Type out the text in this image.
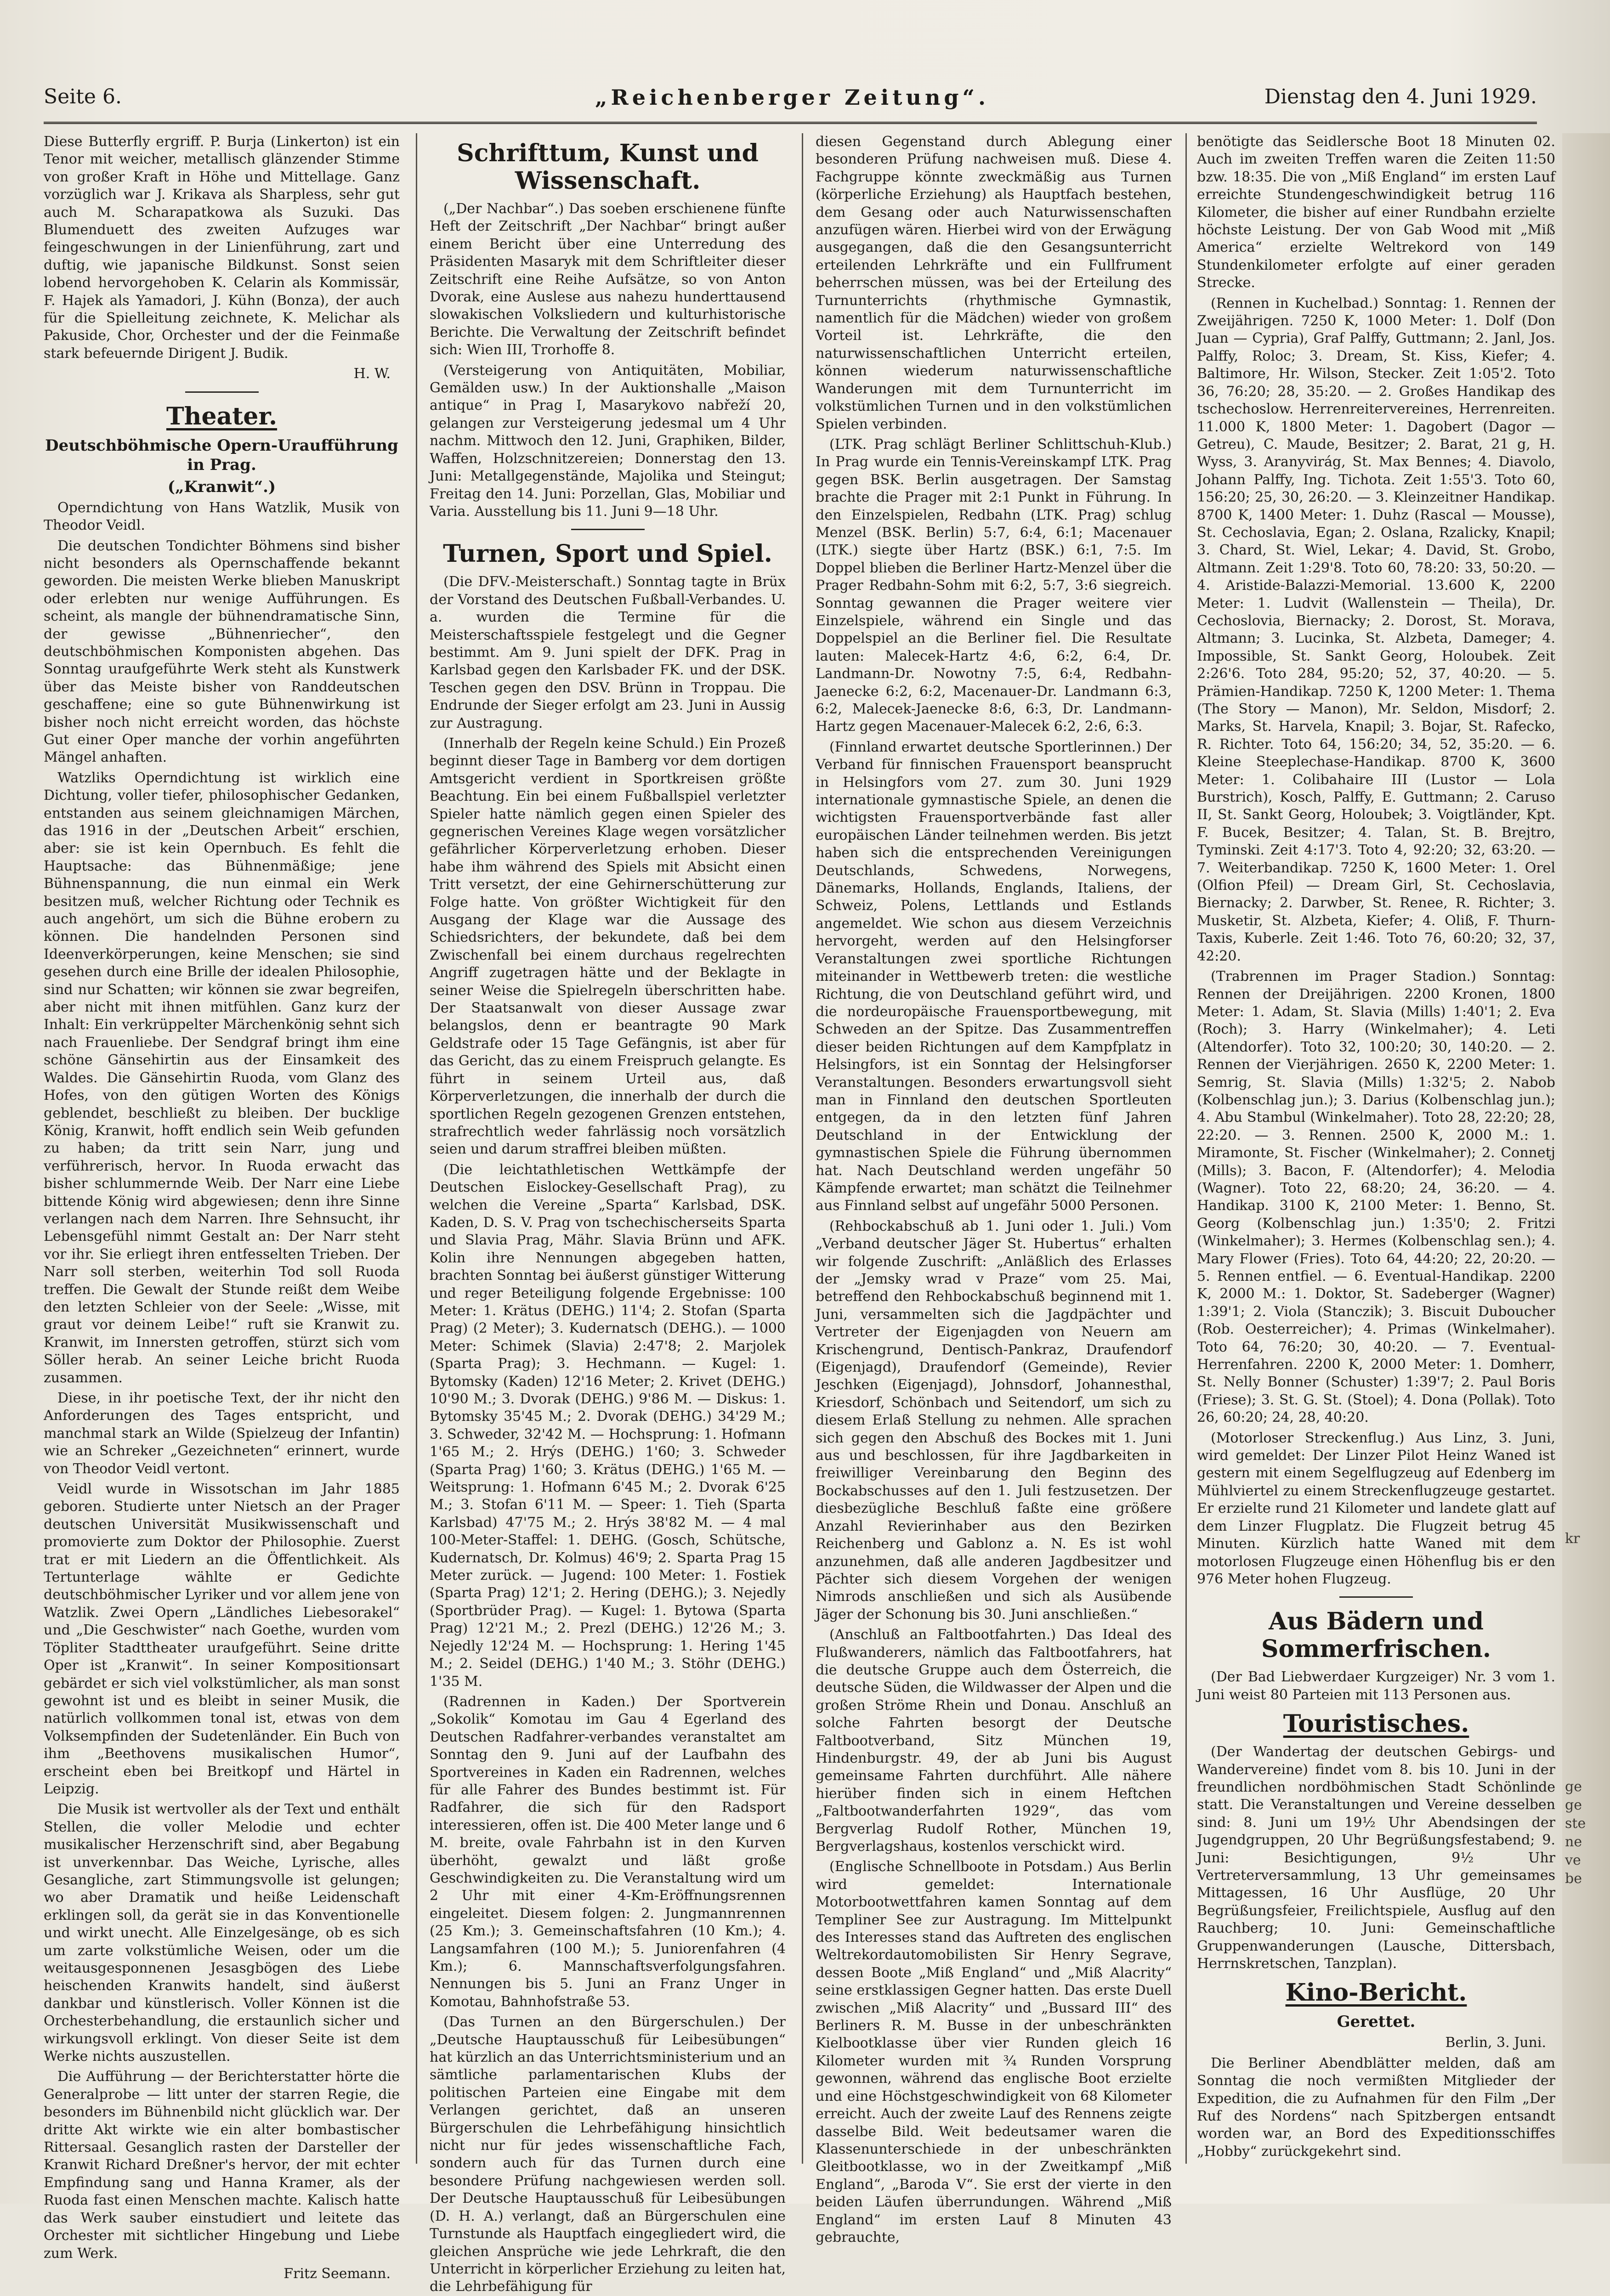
Seite 6.	„Reichenberger Zeitung“.	Dienstag den 4. Juni 1929.

Diese Butterfly ergriff. P. Burja (Linkerton) ist ein Tenor mit weicher, metallisch glänzender Stimme von großer Kraft in Höhe und Mittellage. Ganz vorzüglich war J. Krikava als Sharpless, sehr gut auch M. Scharapatkowa als Suzuki. Das Blumenduett des zweiten Aufzuges war feingeschwungen in der Linienführung, zart und duftig, wie japanische Bildkunst. Sonst seien lobend hervorgehoben K. Celarin als Kommissär, F. Hajek als Yamadori, J. Kühn (Bonza), der auch für die Spielleitung zeichnete, K. Melichar als Pakuside, Chor, Orchester und der die Feinmaße stark befeuernde Dirigent J. Budik.

H. W.
Theater.
Deutschböhmische Opern-Uraufführung in Prag.
(„Kranwit“.)

Operndichtung von Hans Watzlik, Musik von Theodor Veidl.

Die deutschen Tondichter Böhmens sind bisher nicht besonders als Opernschaffende bekannt geworden. Die meisten Werke blieben Manuskript oder erlebten nur wenige Aufführungen. Es scheint, als mangle der bühnendramatische Sinn, der gewisse „Bühnenriecher“, den deutschböhmischen Komponisten abgehen. Das Sonntag uraufgeführte Werk steht als Kunstwerk über das Meiste bisher von Randdeutschen geschaffene; eine so gute Bühnenwirkung ist bisher noch nicht erreicht worden, das höchste Gut einer Oper manche der vorhin angeführten Mängel anhaften.

Watzliks Operndichtung ist wirklich eine Dichtung, voller tiefer, philosophischer Gedanken, entstanden aus seinem gleichnamigen Märchen, das 1916 in der „Deutschen Arbeit“ erschien, aber: sie ist kein Opernbuch. Es fehlt die Hauptsache: das Bühnenmäßige; jene Bühnenspannung, die nun einmal ein Werk besitzen muß, welcher Richtung oder Technik es auch angehört, um sich die Bühne erobern zu können. Die handelnden Personen sind Ideenverkörperungen, keine Menschen; sie sind gesehen durch eine Brille der idealen Philosophie, sind nur Schatten; wir können sie zwar begreifen, aber nicht mit ihnen mitfühlen. Ganz kurz der Inhalt: Ein verkrüppelter Märchenkönig sehnt sich nach Frauenliebe. Der Sendgraf bringt ihm eine schöne Gänsehirtin aus der Einsamkeit des Waldes. Die Gänsehirtin Ruoda, vom Glanz des Hofes, von den gütigen Worten des Königs geblendet, beschließt zu bleiben. Der bucklige König, Kranwit, hofft endlich sein Weib gefunden zu haben; da tritt sein Narr, jung und verführerisch, hervor. In Ruoda erwacht das bisher schlummernde Weib. Der Narr eine Liebe bittende König wird abgewiesen; denn ihre Sinne verlangen nach dem Narren. Ihre Sehnsucht, ihr Lebensgefühl nimmt Gestalt an: Der Narr steht vor ihr. Sie erliegt ihren entfesselten Trieben. Der Narr soll sterben, weiterhin Tod soll Ruoda treffen. Die Gewalt der Stunde reißt dem Weibe den letzten Schleier von der Seele: „Wisse, mit graut vor deinem Leibe!“ ruft sie Kranwit zu. Kranwit, im Innersten getroffen, stürzt sich vom Söller herab. An seiner Leiche bricht Ruoda zusammen.

Diese, in ihr poetische Text, der ihr nicht den Anforderungen des Tages entspricht, und manchmal stark an Wilde (Spielzeug der Infantin) wie an Schreker „Gezeichneten“ erinnert, wurde von Theodor Veidl vertont.

Veidl wurde in Wissotschan im Jahr 1885 geboren. Studierte unter Nietsch an der Prager deutschen Universität Musikwissenschaft und promovierte zum Doktor der Philosophie. Zuerst trat er mit Liedern an die Öffentlichkeit. Als Tertunterlage wählte er Gedichte deutschböhmischer Lyriker und vor allem jene von Watzlik. Zwei Opern „Ländliches Liebesorakel“ und „Die Geschwister“ nach Goethe, wurden vom Töpliter Stadttheater uraufgeführt. Seine dritte Oper ist „Kranwit“. In seiner Kompositionsart gebärdet er sich viel volkstümlicher, als man sonst gewohnt ist und es bleibt in seiner Musik, die natürlich vollkommen tonal ist, etwas von dem Volksempfinden der Sudetenländer. Ein Buch von ihm „Beethovens musikalischen Humor“, erscheint eben bei Breitkopf und Härtel in Leipzig.

Die Musik ist wertvoller als der Text und enthält Stellen, die voller Melodie und echter musikalischer Herzenschrift sind, aber Begabung ist unverkennbar. Das Weiche, Lyrische, alles Gesangliche, zart Stimmungsvolle ist gelungen; wo aber Dramatik und heiße Leidenschaft erklingen soll, da gerät sie in das Konventionelle und wirkt unecht. Alle Einzelgesänge, ob es sich um zarte volkstümliche Weisen, oder um die weitausgesponnenen Jesasgbögen des Liebe heischenden Kranwits handelt, sind äußerst dankbar und künstlerisch. Voller Können ist die Orchesterbehandlung, die erstaunlich sicher und wirkungsvoll erklingt. Von dieser Seite ist dem Werke nichts auszustellen.

Die Aufführung — der Berichterstatter hörte die Generalprobe — litt unter der starren Regie, die besonders im Bühnenbild nicht glücklich war. Der dritte Akt wirkte wie ein alter bombastischer Rittersaal. Gesanglich rasten der Darsteller der Kranwit Richard Dreßner's hervor, der mit echter Empfindung sang und Hanna Kramer, als der Ruoda fast einen Menschen machte. Kalisch hatte das Werk sauber einstudiert und leitete das Orchester mit sichtlicher Hingebung und Liebe zum Werk.

Fritz Seemann.
Schrifttum, Kunst und Wissenschaft.

(„Der Nachbar“.) Das soeben erschienene fünfte Heft der Zeitschrift „Der Nachbar“ bringt außer einem Bericht über eine Unterredung des Präsidenten Masaryk mit dem Schriftleiter dieser Zeitschrift eine Reihe Aufsätze, so von Anton Dvorak, eine Auslese aus nahezu hunderttausend slowakischen Volksliedern und kulturhistorische Berichte. Die Verwaltung der Zeitschrift befindet sich: Wien III, Trorhoffe 8.

(Versteigerung von Antiquitäten, Mobiliar, Gemälden usw.) In der Auktionshalle „Maison antique“ in Prag I, Masarykovo nabřeží 20, gelangen zur Versteigerung jedesmal um 4 Uhr nachm. Mittwoch den 12. Juni, Graphiken, Bilder, Waffen, Holzschnitzereien; Donnerstag den 13. Juni: Metallgegenstände, Majolika und Steingut; Freitag den 14. Juni: Porzellan, Glas, Mobiliar und Varia. Ausstellung bis 11. Juni 9—18 Uhr.

Turnen, Sport und Spiel.

(Die DFV.-Meisterschaft.) Sonntag tagte in Brüx der Vorstand des Deutschen Fußball-Verbandes. U. a. wurden die Termine für die Meisterschaftsspiele festgelegt und die Gegner bestimmt. Am 9. Juni spielt der DFK. Prag in Karlsbad gegen den Karlsbader FK. und der DSK. Teschen gegen den DSV. Brünn in Troppau. Die Endrunde der Sieger erfolgt am 23. Juni in Aussig zur Austragung.

(Innerhalb der Regeln keine Schuld.) Ein Prozeß beginnt dieser Tage in Bamberg vor dem dortigen Amtsgericht verdient in Sportkreisen größte Beachtung. Ein bei einem Fußballspiel verletzter Spieler hatte nämlich gegen einen Spieler des gegnerischen Vereines Klage wegen vorsätzlicher gefährlicher Körperverletzung erhoben. Dieser habe ihm während des Spiels mit Absicht einen Tritt versetzt, der eine Gehirnerschütterung zur Folge hatte. Von größter Wichtigkeit für den Ausgang der Klage war die Aussage des Schiedsrichters, der bekundete, daß bei dem Zwischenfall bei einem durchaus regelrechten Angriff zugetragen hätte und der Beklagte in seiner Weise die Spielregeln überschritten habe. Der Staatsanwalt von dieser Aussage zwar belangslos, denn er beantragte 90 Mark Geldstrafe oder 15 Tage Gefängnis, ist aber für das Gericht, das zu einem Freispruch gelangte. Es führt in seinem Urteil aus, daß Körperverletzungen, die innerhalb der durch die sportlichen Regeln gezogenen Grenzen entstehen, strafrechtlich weder fahrlässig noch vorsätzlich seien und darum straffrei bleiben müßten.

(Die leichtathletischen Wettkämpfe der Deutschen Eislockey-Gesellschaft Prag), zu welchen die Vereine „Sparta“ Karlsbad, DSK. Kaden, D. S. V. Prag von tschechischerseits Sparta und Slavia Prag, Mähr. Slavia Brünn und AFK. Kolin ihre Nennungen abgegeben hatten, brachten Sonntag bei äußerst günstiger Witterung und reger Beteiligung folgende Ergebnisse: 100 Meter: 1. Krätus (DEHG.) 11'4; 2. Stofan (Sparta Prag) (2 Meter); 3. Kudernatsch (DEHG.). — 1000 Meter: Schimek (Slavia) 2:47'8; 2. Marjolek (Sparta Prag); 3. Hechmann. — Kugel: 1. Bytomsky (Kaden) 12'16 Meter; 2. Krivet (DEHG.) 10'90 M.; 3. Dvorak (DEHG.) 9'86 M. — Diskus: 1. Bytomsky 35'45 M.; 2. Dvorak (DEHG.) 34'29 M.; 3. Schweder, 32'42 M. — Hochsprung: 1. Hofmann 1'65 M.; 2. Hrýs (DEHG.) 1'60; 3. Schweder (Sparta Prag) 1'60; 3. Krätus (DEHG.) 1'65 M. — Weitsprung: 1. Hofmann 6'45 M.; 2. Dvorak 6'25 M.; 3. Stofan 6'11 M. — Speer: 1. Tieh (Sparta Karlsbad) 47'75 M.; 2. Hrýs 38'82 M. — 4 mal 100-Meter-Staffel: 1. DEHG. (Gosch, Schütsche, Kudernatsch, Dr. Kolmus) 46'9; 2. Sparta Prag 15 Meter zurück. — Jugend: 100 Meter: 1. Fostiek (Sparta Prag) 12'1; 2. Hering (DEHG.); 3. Nejedly (Sportbrüder Prag). — Kugel: 1. Bytowa (Sparta Prag) 12'21 M.; 2. Prezl (DEHG.) 12'26 M.; 3. Nejedly 12'24 M. — Hochsprung: 1. Hering 1'45 M.; 2. Seidel (DEHG.) 1'40 M.; 3. Stöhr (DEHG.) 1'35 M.

(Radrennen in Kaden.) Der Sportverein „Sokolik“ Komotau im Gau 4 Egerland des Deutschen Radfahrer-verbandes veranstaltet am Sonntag den 9. Juni auf der Laufbahn des Sportvereines in Kaden ein Radrennen, welches für alle Fahrer des Bundes bestimmt ist. Für Radfahrer, die sich für den Radsport interessieren, offen ist. Die 400 Meter lange und 6 M. breite, ovale Fahrbahn ist in den Kurven überhöht, gewalzt und läßt große Geschwindigkeiten zu. Die Veranstaltung wird um 2 Uhr mit einer 4-Km-Eröffnungsrennen eingeleitet. Diesem folgen: 2. Jungmannrennen (25 Km.); 3. Gemeinschaftsfahren (10 Km.); 4. Langsamfahren (100 M.); 5. Juniorenfahren (4 Km.); 6. Mannschaftsverfolgungsfahren. Nennungen bis 5. Juni an Franz Unger in Komotau, Bahnhofstraße 53.

(Das Turnen an den Bürgerschulen.) Der „Deutsche Hauptausschuß für Leibesübungen“ hat kürzlich an das Unterrichtsministerium und an sämtliche parlamentarischen Klubs der politischen Parteien eine Eingabe mit dem Verlangen gerichtet, daß an unseren Bürgerschulen die Lehrbefähigung hinsichtlich nicht nur für jedes wissenschaftliche Fach, sondern auch für das Turnen durch eine besondere Prüfung nachgewiesen werden soll. Der Deutsche Hauptausschuß für Leibesübungen (D. H. A.) verlangt, daß an Bürgerschulen eine Turnstunde als Hauptfach eingegliedert wird, die gleichen Ansprüche wie jede Lehrkraft, die den Unterricht in körperlicher Erziehung zu leiten hat, die Lehrbefähigung für

diesen Gegenstand durch Ablegung einer besonderen Prüfung nachweisen muß. Diese 4. Fachgruppe könnte zweckmäßig aus Turnen (körperliche Erziehung) als Hauptfach bestehen, dem Gesang oder auch Naturwissenschaften anzufügen wären. Hierbei wird von der Erwägung ausgegangen, daß die den Gesangsunterricht erteilenden Lehrkräfte und ein Fullfrument beherrschen müssen, was bei der Erteilung des Turnunterrichts (rhythmische Gymnastik, namentlich für die Mädchen) wieder von großem Vorteil ist. Lehrkräfte, die den naturwissenschaftlichen Unterricht erteilen, können wiederum naturwissenschaftliche Wanderungen mit dem Turnunterricht im volkstümlichen Turnen und in den volkstümlichen Spielen verbinden.

(LTK. Prag schlägt Berliner Schlittschuh-Klub.) In Prag wurde ein Tennis-Vereinskampf LTK. Prag gegen BSK. Berlin ausgetragen. Der Samstag brachte die Prager mit 2:1 Punkt in Führung. In den Einzelspielen, Redbahn (LTK. Prag) schlug Menzel (BSK. Berlin) 5:7, 6:4, 6:1; Macenauer (LTK.) siegte über Hartz (BSK.) 6:1, 7:5. Im Doppel blieben die Berliner Hartz-Menzel über die Prager Redbahn-Sohm mit 6:2, 5:7, 3:6 siegreich. Sonntag gewannen die Prager weitere vier Einzelspiele, während ein Single und das Doppelspiel an die Berliner fiel. Die Resultate lauten: Malecek-Hartz 4:6, 6:2, 6:4, Dr. Landmann-Dr. Nowotny 7:5, 6:4, Redbahn-Jaenecke 6:2, 6:2, Macenauer-Dr. Landmann 6:3, 6:2, Malecek-Jaenecke 8:6, 6:3, Dr. Landmann-Hartz gegen Macenauer-Malecek 6:2, 2:6, 6:3.

(Finnland erwartet deutsche Sportlerinnen.) Der Verband für finnischen Frauensport beansprucht in Helsingfors vom 27. zum 30. Juni 1929 internationale gymnastische Spiele, an denen die wichtigsten Frauensportverbände fast aller europäischen Länder teilnehmen werden. Bis jetzt haben sich die entsprechenden Vereinigungen Deutschlands, Schwedens, Norwegens, Dänemarks, Hollands, Englands, Italiens, der Schweiz, Polens, Lettlands und Estlands angemeldet. Wie schon aus diesem Verzeichnis hervorgeht, werden auf den Helsingforser Veranstaltungen zwei sportliche Richtungen miteinander in Wettbewerb treten: die westliche Richtung, die von Deutschland geführt wird, und die nordeuropäische Frauensportbewegung, mit Schweden an der Spitze. Das Zusammentreffen dieser beiden Richtungen auf dem Kampfplatz in Helsingfors, ist ein Sonntag der Helsingforser Veranstaltungen. Besonders erwartungsvoll sieht man in Finnland den deutschen Sportleuten entgegen, da in den letzten fünf Jahren Deutschland in der Entwicklung der gymnastischen Spiele die Führung übernommen hat. Nach Deutschland werden ungefähr 50 Kämpfende erwartet; man schätzt die Teilnehmer aus Finnland selbst auf ungefähr 5000 Personen.

(Rehbockabschuß ab 1. Juni oder 1. Juli.) Vom „Verband deutscher Jäger St. Hubertus“ erhalten wir folgende Zuschrift: „Anläßlich des Erlasses der „Jemsky wrad v Praze“ vom 25. Mai, betreffend den Rehbockabschuß beginnend mit 1. Juni, versammelten sich die Jagdpächter und Vertreter der Eigenjagden von Neuern am Krischengrund, Dentisch-Pankraz, Draufendorf (Eigenjagd), Draufendorf (Gemeinde), Revier Jeschken (Eigenjagd), Johnsdorf, Johannesthal, Kriesdorf, Schönbach und Seitendorf, um sich zu diesem Erlaß Stellung zu nehmen. Alle sprachen sich gegen den Abschuß des Bockes mit 1. Juni aus und beschlossen, für ihre Jagdbarkeiten in freiwilliger Vereinbarung den Beginn des Bockabschusses auf den 1. Juli festzusetzen. Der diesbezügliche Beschluß faßte eine größere Anzahl Revierinhaber aus den Bezirken Reichenberg und Gablonz a. N. Es ist wohl anzunehmen, daß alle anderen Jagdbesitzer und Pächter sich diesem Vorgehen der wenigen Nimrods anschließen und sich als Ausübende Jäger der Schonung bis 30. Juni anschließen.“

(Anschluß an Faltbootfahrten.) Das Ideal des Flußwanderers, nämlich das Faltbootfahrers, hat die deutsche Gruppe auch dem Österreich, die deutsche Süden, die Wildwasser der Alpen und die großen Ströme Rhein und Donau. Anschluß an solche Fahrten besorgt der Deutsche Faltbootverband, Sitz München 19, Hindenburgstr. 49, der ab Juni bis August gemeinsame Fahrten durchführt. Alle nähere hierüber finden sich in einem Heftchen „Faltbootwanderfahrten 1929“, das vom Bergverlag Rudolf Rother, München 19, Bergverlagshaus, kostenlos verschickt wird.

(Englische Schnellboote in Potsdam.) Aus Berlin wird gemeldet: Internationale Motorbootwettfahren kamen Sonntag auf dem Templiner See zur Austragung. Im Mittelpunkt des Interesses stand das Auftreten des englischen Weltrekordautomobilisten Sir Henry Segrave, dessen Boote „Miß England“ und „Miß Alacrity“ seine erstklassigen Gegner hatten. Das erste Duell zwischen „Miß Alacrity“ und „Bussard III“ des Berliners R. M. Busse in der unbeschränkten Kielbootklasse über vier Runden gleich 16 Kilometer wurden mit ¾ Runden Vorsprung gewonnen, während das englische Boot erzielte und eine Höchstgeschwindigkeit von 68 Kilometer erreicht. Auch der zweite Lauf des Rennens zeigte dasselbe Bild. Weit bedeutsamer waren die Klassenunterschiede in der unbeschränkten Gleitbootklasse, wo in der Zweitkampf „Miß England“, „Baroda V“. Sie erst der vierte in den beiden Läufen überrundungen. Während „Miß England“ im ersten Lauf 8 Minuten 43 gebrauchte,

benötigte das Seidlersche Boot 18 Minuten 02. Auch im zweiten Treffen waren die Zeiten 11:50 bzw. 18:35. Die von „Miß England“ im ersten Lauf erreichte Stundengeschwindigkeit betrug 116 Kilometer, die bisher auf einer Rundbahn erzielte höchste Leistung. Der von Gab Wood mit „Miß America“ erzielte Weltrekord von 149 Stundenkilometer erfolgte auf einer geraden Strecke.

(Rennen in Kuchelbad.) Sonntag: 1. Rennen der Zweijährigen. 7250 K, 1000 Meter: 1. Dolf (Don Juan — Cypria), Graf Palffy, Guttmann; 2. Janl, Jos. Palffy, Roloc; 3. Dream, St. Kiss, Kiefer; 4. Baltimore, Hr. Wilson, Stecker. Zeit 1:05'2. Toto 36, 76:20; 28, 35:20. — 2. Großes Handikap des tschechoslow. Herrenreitervereines, Herrenreiten. 11.000 K, 1800 Meter: 1. Dagobert (Dagor — Getreu), C. Maude, Besitzer; 2. Barat, 21 g, H. Wyss, 3. Aranyvirág, St. Max Bennes; 4. Diavolo, Johann Palffy, Ing. Tichota. Zeit 1:55'3. Toto 60, 156:20; 25, 30, 26:20. — 3. Kleinzeitner Handikap. 8700 K, 1400 Meter: 1. Duhz (Rascal — Mousse), St. Cechoslavia, Egan; 2. Oslana, Rzalicky, Knapil; 3. Chard, St. Wiel, Lekar; 4. David, St. Grobo, Altmann. Zeit 1:29'8. Toto 60, 78:20: 33, 50:20. — 4. Aristide-Balazzi-Memorial. 13.600 K, 2200 Meter: 1. Ludvit (Wallenstein — Theila), Dr. Cechoslovia, Biernacky; 2. Dorost, St. Morava, Altmann; 3. Lucinka, St. Alzbeta, Dameger; 4. Impossible, St. Sankt Georg, Holoubek. Zeit 2:26'6. Toto 284, 95:20; 52, 37, 40:20. — 5. Prämien-Handikap. 7250 K, 1200 Meter: 1. Thema (The Story — Manon), Mr. Seldon, Misdorf; 2. Marks, St. Harvela, Knapil; 3. Bojar, St. Rafecko, R. Richter. Toto 64, 156:20; 34, 52, 35:20. — 6. Kleine Steeplechase-Handikap. 8700 K, 3600 Meter: 1. Colibahaire III (Lustor — Lola Burstrich), Kosch, Palffy, E. Guttmann; 2. Caruso II, St. Sankt Georg, Holoubek; 3. Voigtländer, Kpt. F. Bucek, Besitzer; 4. Talan, St. B. Brejtro, Tyminski. Zeit 4:17'3. Toto 4, 92:20; 32, 63:20. — 7. Weiterbandikap. 7250 K, 1600 Meter: 1. Orel (Olfion Pfeil) — Dream Girl, St. Cechoslavia, Biernacky; 2. Darwber, St. Renee, R. Richter; 3. Musketir, St. Alzbeta, Kiefer; 4. Oliß, F. Thurn-Taxis, Kuberle. Zeit 1:46. Toto 76, 60:20; 32, 37, 42:20.

(Trabrennen im Prager Stadion.) Sonntag: Rennen der Dreijährigen. 2200 Kronen, 1800 Meter: 1. Adam, St. Slavia (Mills) 1:40'1; 2. Eva (Roch); 3. Harry (Winkelmaher); 4. Leti (Altendorfer). Toto 32, 100:20; 30, 140:20. — 2. Rennen der Vierjährigen. 2650 K, 2200 Meter: 1. Semrig, St. Slavia (Mills) 1:32'5; 2. Nabob (Kolbenschlag jun.); 3. Darius (Kolbenschlag jun.); 4. Abu Stambul (Winkelmaher). Toto 28, 22:20; 28, 22:20. — 3. Rennen. 2500 K, 2000 M.: 1. Miramonte, St. Fischer (Winkelmaher); 2. Connetj (Mills); 3. Bacon, F. (Altendorfer); 4. Melodia (Wagner). Toto 22, 68:20; 24, 36:20. — 4. Handikap. 3100 K, 2100 Meter: 1. Benno, St. Georg (Kolbenschlag jun.) 1:35'0; 2. Fritzi (Winkelmaher); 3. Hermes (Kolbenschlag sen.); 4. Mary Flower (Fries). Toto 64, 44:20; 22, 20:20. — 5. Rennen entfiel. — 6. Eventual-Handikap. 2200 K, 2000 M.: 1. Doktor, St. Sadeberger (Wagner) 1:39'1; 2. Viola (Stanczik); 3. Biscuit Duboucher (Rob. Oesterreicher); 4. Primas (Winkelmaher). Toto 64, 76:20; 30, 40:20. — 7. Eventual-Herrenfahren. 2200 K, 2000 Meter: 1. Domherr, St. Nelly Bonner (Schuster) 1:39'7; 2. Paul Boris (Friese); 3. St. G. St. (Stoel); 4. Dona (Pollak). Toto 26, 60:20; 24, 28, 40:20.

(Motorloser Streckenflug.) Aus Linz, 3. Juni, wird gemeldet: Der Linzer Pilot Heinz Waned ist gestern mit einem Segelflugzeug auf Edenberg im Mühlviertel zu einem Streckenflugzeuge gestartet. Er erzielte rund 21 Kilometer und landete glatt auf dem Linzer Flugplatz. Die Flugzeit betrug 45 Minuten. Kürzlich hatte Waned mit dem motorlosen Flugzeuge einen Höhenflug bis er den 976 Meter hohen Flugzeug.

Aus Bädern und Sommerfrischen.

(Der Bad Liebwerdaer Kurgzeiger) Nr. 3 vom 1. Juni weist 80 Parteien mit 113 Personen aus.

Touristisches.

(Der Wandertag der deutschen Gebirgs- und Wandervereine) findet vom 8. bis 10. Juni in der freundlichen nordböhmischen Stadt Schönlinde statt. Die Veranstaltungen und Vereine desselben sind: 8. Juni um 19½ Uhr Abendsingen der Jugendgruppen, 20 Uhr Begrüßungsfestabend; 9. Juni: Besichtigungen, 9½ Uhr Vertreterversammlung, 13 Uhr gemeinsames Mittagessen, 16 Uhr Ausflüge, 20 Uhr Begrüßungsfeier, Freilichtspiele, Ausflug auf den Rauchberg; 10. Juni: Gemeinschaftliche Gruppenwanderungen (Lausche, Dittersbach, Herrnskretschen, Tanzplan).

Kino-Bericht.
Gerettet.
Berlin, 3. Juni.

Die Berliner Abendblätter melden, daß am Sonntag die noch vermißten Mitglieder der Expedition, die zu Aufnahmen für den Film „Der Ruf des Nordens“ nach Spitzbergen entsandt worden war, an Bord des Expeditionsschiffes „Hobby“ zurückgekehrt sind.

kr
ge
ge
ste
ne
ve
be
